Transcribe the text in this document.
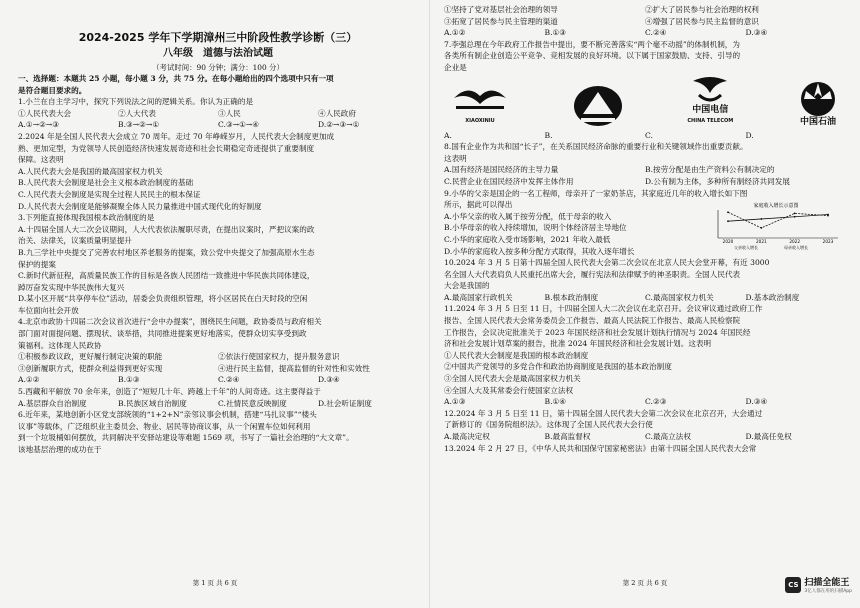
2024-2025 学年下学期漳州三中阶段性教学诊断（三）
八年级　道德与法治试题
（考试时间：90 分钟；满分：100 分）
一、选择题：本题共 25 小题，每小题 3 分，共 75 分。在每小题给出的四个选项中只有一项
是符合题目要求的。
1.小兰在自主学习中，探究下列说法之间的逻辑关系。你认为正确的是
①人民代表大会	②人大代表	③人民	④人民政府
A.①→②→③	B.③→②→①	C.③→①→④	D.②→③→①
2.2024 年是全国人民代表大会成立 70 周年。走过 70 年峥嵘岁月，人民代表大会制度更加成
熟、更加定型，为党领导人民创造经济快速发展奇迹和社会长期稳定奇迹提供了重要制度
保障。这表明
A.人民代表大会是我国的最高国家权力机关
B.人民代表大会制度是社会主义根本政治制度的基础
C.人民代表大会制度是实现全过程人民民主的根本保证
D.人民代表大会制度是能够凝聚全体人民力量推进中国式现代化的好制度
3.下列能直接体现我国根本政治制度的是
A.十四届全国人大二次会议期间，人大代表依法履职尽责，在提出议案时，严把议案的政
治关、法律关，议案质量明显提升
B.九三学社中央提交了完善农村地区养老服务的提案，致公党中央提交了加强高原水生态
保护的提案
C.新时代新征程，高质量民族工作的目标是各族人民团结一致推进中华民族共同体建设，
踔厉奋发实现中华民族伟大复兴
D.某小区开展“共享停车位”活动，居委会负责组织管理，将小区居民在白天时段的空闲
车位面向社会开放
4.北京市政协十四届二次会议首次进行“会中办提案”，围绕民生问题，政协委员与政府相关
部门面对面提问题、摆现状、谈举措，共同推进提案更好地落实，使群众切实享受到政
策福利。这体现人民政协
①积极参政议政，更好履行制定决策的职能	②依法行使国家权力，提升服务意识
③创新履职方式，使群众利益得到更好实现	④进行民主监督，提高监督的针对性和实效性
A.①②	B.①③	C.②④	D.③④
5.西藏和平解放 70 余年来，创造了“短短几十年、跨越上千年”的人间奇迹。这主要得益于
A.基层群众自治制度	B.民族区域自治制度	C.社情民意反映制度	D.社会听证制度
6.近年来，某地创新小区党支部统领的“1+2+N”亲邻议事会机制，搭建“马扎议事”“楼头
议事”等载体，广泛组织业主委员会、物业、居民等协商议事，从一个闲置车位如何利用
到一个垃圾桶如何摆放，共同解决平安驿站建设等难题 1569 项，书写了一篇社会治理的“大文章”。
该地基层治理的成功在于
第 1 页 共 6 页
①坚持了党对基层社会治理的领导	②扩大了居民参与社会治理的权利
③拓宽了居民参与民主管理的渠道	④增强了居民参与民主监督的意识
A.①②	B.①③	C.②④	D.③④
7.李强总理在今年政府工作报告中提出，要不断完善落实“两个毫不动摇”的体制机制，为
各类所有制企业创造公平竞争、竞相发展的良好环境。以下属于国家鼓励、支持、引导的
企业是
XIAOXINIU
中国电信
CHINA TELECOM	中国石油
A.	B.	C.	D.
8.国有企业作为共和国“长子”，在关系国民经济命脉的重要行业和关键领域作出重要贡献。
这表明
A.国有经济是国民经济的主导力量	B.按劳分配是由生产资料公有制决定的
C.民营企业在国民经济中发挥主体作用	D.公有制为主体，多种所有制经济共同发展
9.小华的父亲是国企的一名工程师，母亲开了一家奶茶店，其家庭近几年的收入增长如下图
所示，据此可以得出
A.小华父亲的收入属于按劳分配，低于母亲的收入
B.小华母亲的收入持续增加，说明个体经济居主导地位
C.小华的家庭收入受市场影响，2021 年收入最低
D.小华的家庭收入按多种分配方式取得，其收入逐年增长
家庭收入增长示意图
2020	2021	2022	2023
父亲收入增长	母亲收入增长
10.2024 年 3 月 5 日第十四届全国人民代表大会第二次会议在北京人民大会堂开幕，有近 3000
名全国人大代表肩负人民重托出席大会，履行宪法和法律赋予的神圣职责。全国人民代表
大会是我国的
A.最高国家行政机关	B.根本政治制度	C.最高国家权力机关	D.基本政治制度
11.2024 年 3 月 5 日至 11 日，十四届全国人大二次会议在北京召开。会议审议通过政府工作
报告、全国人民代表大会常务委员会工作报告、最高人民法院工作报告、最高人民检察院
工作报告，会议决定批准关于 2023 年国民经济和社会发展计划执行情况与 2024 年国民经
济和社会发展计划草案的报告，批准 2024 年国民经济和社会发展计划。这表明
①人民代表大会制度是我国的根本政治制度
②中国共产党领导的多党合作和政治协商制度是我国的基本政治制度
③全国人民代表大会是最高国家权力机关
④全国人大及其常委会行使国家立法权
A.①③	B.①④	C.②③	D.③④
12.2024 年 3 月 5 日至 11 日，第十四届全国人民代表大会第二次会议在北京召开，大会通过
了新修订的《国务院组织法》。这体现了全国人民代表大会行使
A.最高决定权	B.最高监督权	C.最高立法权	D.最高任免权
13.2024 年 2 月 27 日，《中华人民共和国保守国家秘密法》由第十四届全国人民代表大会常
第 2 页 共 6 页	CS 扫描全能王
3亿人都在用的扫描App
